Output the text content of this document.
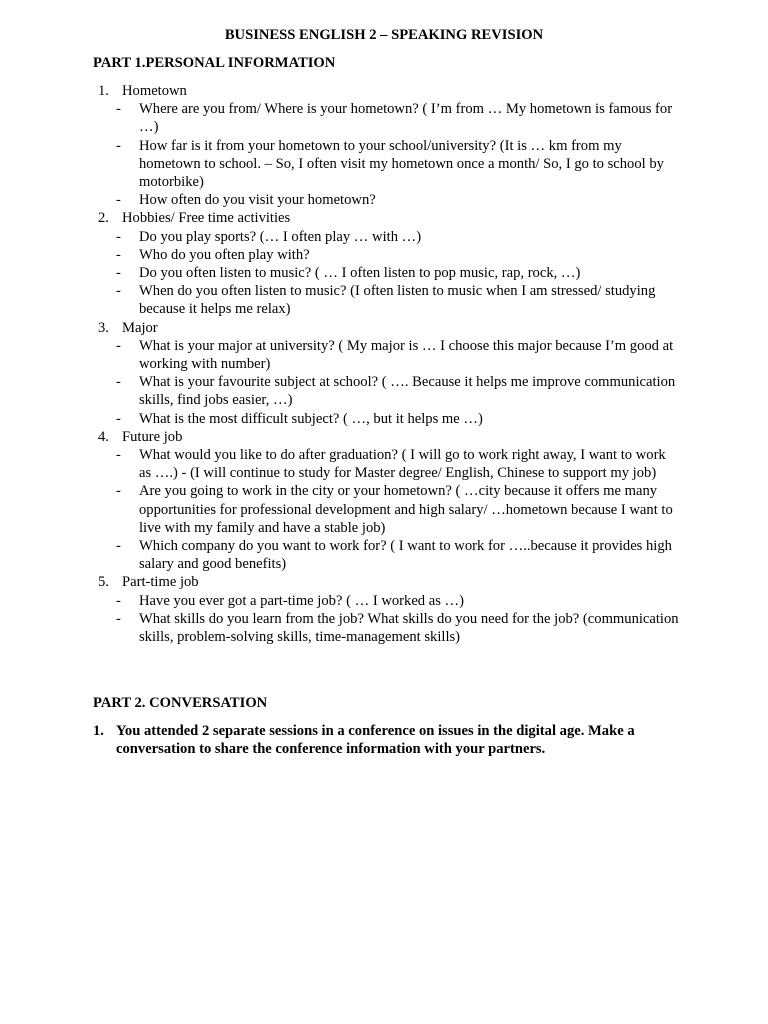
BUSINESS ENGLISH 2 – SPEAKING REVISION
PART 1.PERSONAL INFORMATION
1. Hometown
- Where are you from/ Where is your hometown? ( I’m from … My hometown is famous for …)
- How far is it from your hometown to your school/university? (It is … km from my hometown to school. – So, I often visit my hometown once a month/ So, I go to school by motorbike)
- How often do you visit your hometown?
2. Hobbies/ Free time activities
- Do you play sports? (… I often play … with …)
- Who do you often play with?
- Do you often listen to music? ( … I often listen to pop music, rap, rock, …)
- When do you often listen to music? (I often listen to music when I am stressed/ studying because it helps me relax)
3. Major
- What is your major at university? ( My major is … I choose this major because I’m good at working with number)
- What is your favourite subject at school? ( …. Because it helps me improve communication skills, find jobs easier, …)
- What is the most difficult subject? ( …, but it helps me …)
4. Future job
- What would you like to do after graduation? ( I will go to work right away, I want to work as ….) - (I will continue to study for Master degree/ English, Chinese to support my job)
- Are you going to work in the city or your hometown? ( …city because it offers me many opportunities for professional development and high salary/ …hometown because I want to live with my family and have a stable job)
- Which company do you want to work for? ( I want to work for …..because it provides high salary and good benefits)
5. Part-time job
- Have you ever got a part-time job? ( … I worked as …)
- What skills do you learn from the job? What skills do you need for the job? (communication skills, problem-solving skills, time-management skills)
PART 2. CONVERSATION
1. You attended 2 separate sessions in a conference on issues in the digital age. Make a conversation to share the conference information with your partners.
